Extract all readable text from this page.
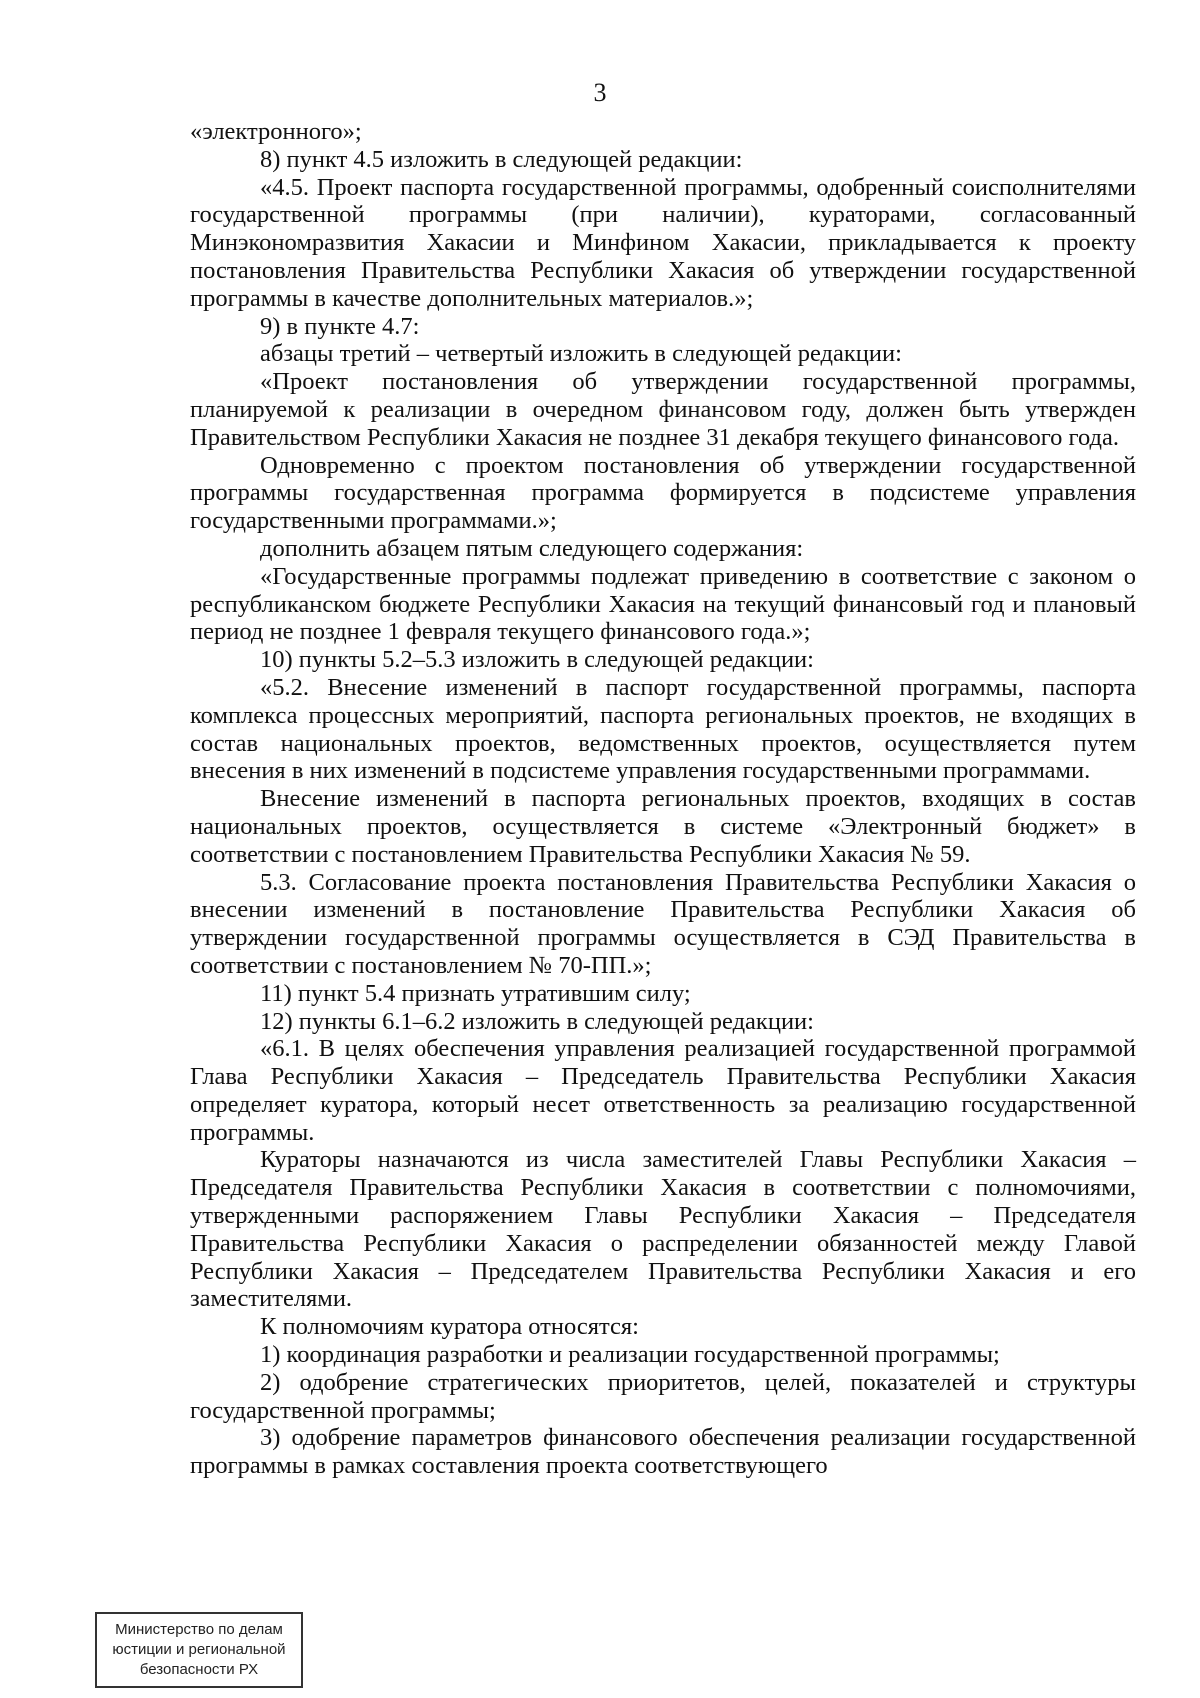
3

«электронного»;

8) пункт 4.5 изложить в следующей редакции:

«4.5. Проект паспорта государственной программы, одобренный соисполнителями государственной программы (при наличии), кураторами, согласованный Минэкономразвития Хакасии и Минфином Хакасии, прикладывается к проекту постановления Правительства Республики Хакасия об утверждении государственной программы в качестве дополнительных материалов.»;

9) в пункте 4.7:

абзацы третий – четвертый изложить в следующей редакции:

«Проект постановления об утверждении государственной программы, планируемой к реализации в очередном финансовом году, должен быть утвержден Правительством Республики Хакасия не позднее 31 декабря текущего финансового года.

Одновременно с проектом постановления об утверждении государственной программы государственная программа формируется в подсистеме управления государственными программами.»;

дополнить абзацем пятым следующего содержания:

«Государственные программы подлежат приведению в соответствие с законом о республиканском бюджете Республики Хакасия на текущий финансовый год и плановый период не позднее 1 февраля текущего финансового года.»;

10) пункты 5.2–5.3 изложить в следующей редакции:

«5.2. Внесение изменений в паспорт государственной программы, паспорта комплекса процессных мероприятий, паспорта региональных проектов, не входящих в состав национальных проектов, ведомственных проектов, осуществляется путем внесения в них изменений в подсистеме управления государственными программами.

Внесение изменений в паспорта региональных проектов, входящих в состав национальных проектов, осуществляется в системе «Электронный бюджет» в соответствии с постановлением Правительства Республики Хакасия № 59.

5.3. Согласование проекта постановления Правительства Республики Хакасия о внесении изменений в постановление Правительства Республики Хакасия об утверждении государственной программы осуществляется в СЭД Правительства в соответствии с постановлением № 70-ПП.»;

11) пункт 5.4 признать утратившим силу;

12) пункты 6.1–6.2 изложить в следующей редакции:

«6.1. В целях обеспечения управления реализацией государственной программой Глава Республики Хакасия – Председатель Правительства Республики Хакасия определяет куратора, который несет ответственность за реализацию государственной программы.

Кураторы назначаются из числа заместителей Главы Республики Хакасия – Председателя Правительства Республики Хакасия в соответствии с полномочиями, утвержденными распоряжением Главы Республики Хакасия – Председателя Правительства Республики Хакасия о распределении обязанностей между Главой Республики Хакасия – Председателем Правительства Республики Хакасия и его заместителями.

К полномочиям куратора относятся:

1) координация разработки и реализации государственной программы;

2) одобрение стратегических приоритетов, целей, показателей и структуры государственной программы;

3) одобрение параметров финансового обеспечения реализации государственной программы в рамках составления проекта соответствующего

Министерство по делам
юстиции и региональной
безопасности РХ
